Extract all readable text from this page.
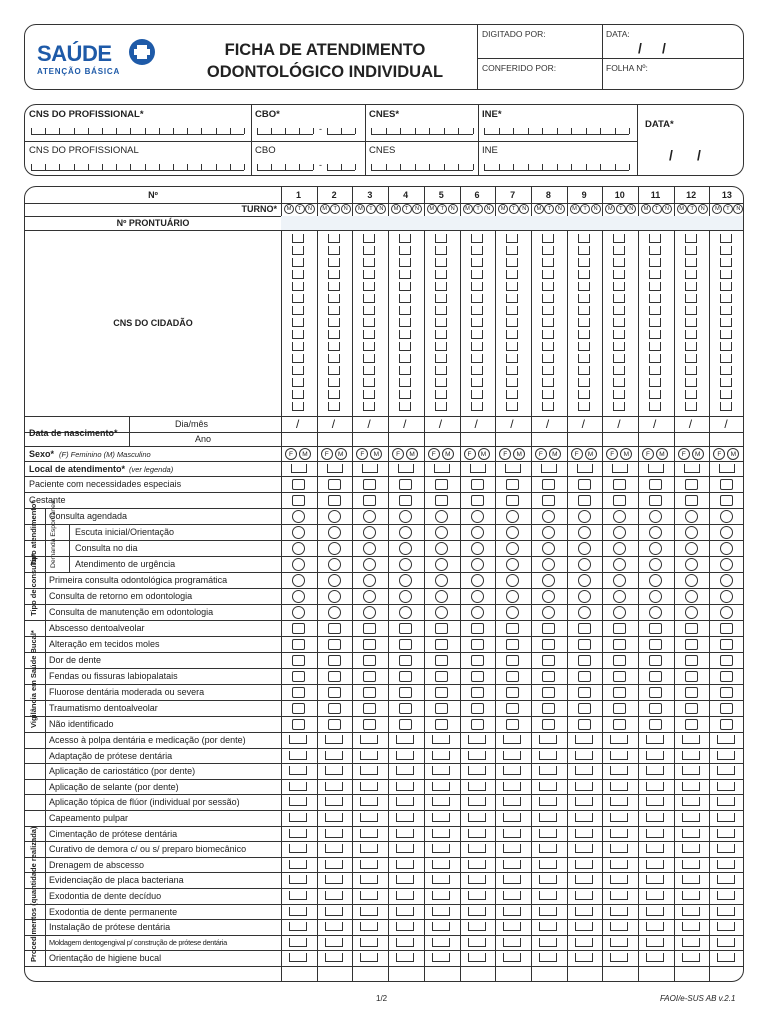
SAÚDE
ATENÇÃO BÁSICA
FICHA DE ATENDIMENTO
ODONTOLÓGICO INDIVIDUAL
DIGITADO POR:	DATA:
/ /
CONFERIDO POR:	FOLHA Nº:
CNS DO PROFISSIONAL*	CBO*	CNES*	INE*
DATA*
CNS DO PROFISSIONAL	CBO	CNES	INE	/ /
-
-
Nº	1	2	3	4	5	6	7	8	9	10	11	12	13
TURNO*	M	T	N	M	T	N	M	T	N	M	T	N	M	T	N	M	T	N	M	T	N	M	T	N	M	T	N	M	T	N	M	T	N	M	T	N	M	T	N
Nº PRONTUÁRIO
CNS DO CIDADÃO
Data de nascimento*
Dia/mês
Ano
/	/	/	/	/	/	/	/	/	/	/	/	/
Sexo* (F) Feminino (M) Masculino	F	M	F	M	F	M	F	M	F	M	F	M	F	M	F	M	F	M	F	M	F	M	F	M	F	M
Local de atendimento* (ver legenda)
Paciente com necessidades especiais
Gestante
Tipo atendimento* Consulta agendada
Demanda Espontânea Escuta inicial/Orientação
Consulta no dia
Atendimento de urgência
Tipo de consulta* Primeira consulta odontológica programática
Consulta de retorno em odontologia
Consulta de manutenção em odontologia
Vigilância em Saúde Bucal*
Abscesso dentoalveolar
Alteração em tecidos moles
Dor de dente
Fendas ou fissuras labiopalatais
Fluorose dentária moderada ou severa
Traumatismo dentoalveolar
Não identificado
Procedimentos (quantidade realizada)
Acesso à polpa dentária e medicação (por dente)
Adaptação de prótese dentária
Aplicação de cariostático (por dente)
Aplicação de selante (por dente)
Aplicação tópica de flúor (individual por sessão)
Capeamento pulpar
Cimentação de prótese dentária
Curativo de demora c/ ou s/ preparo biomecânico
Drenagem de abscesso
Evidenciação de placa bacteriana
Exodontia de dente decíduo
Exodontia de dente permanente
Instalação de prótese dentária
Moldagem dentogengival p/ construção de prótese dentária
Orientação de higiene bucal
1/2	FAOI/e-SUS AB v.2.1
